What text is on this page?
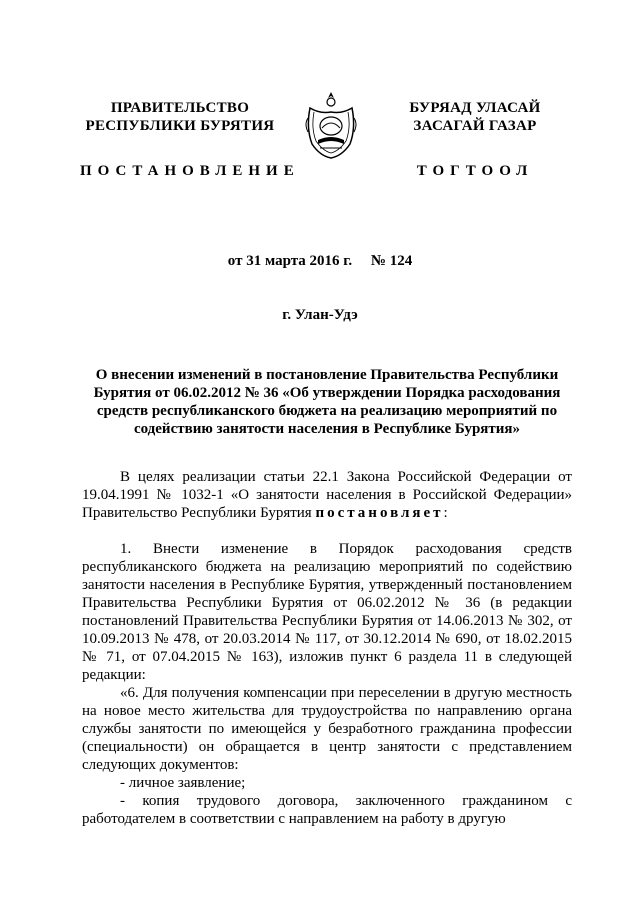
ПРАВИТЕЛЬСТВО
РЕСПУБЛИКИ БУРЯТИЯ
ПОСТАНОВЛЕНИЕ
БУРЯАД УЛАСАЙ
ЗАСАГАЙ ГАЗАР
ТОГТООЛ
от 31 марта 2016 г. № 124
г. Улан-Удэ
О внесении изменений в постановление Правительства Республики Бурятия от 06.02.2012 № 36 «Об утверждении Порядка расходования средств республиканского бюджета на реализацию мероприятий по содействию занятости населения в Республике Бурятия»

В целях реализации статьи 22.1 Закона Российской Федерации от 19.04.1991 № 1032-1 «О занятости населения в Российской Федерации» Правительство Республики Бурятия постановляет:

1. Внести изменение в Порядок расходования средств республиканского бюджета на реализацию мероприятий по содействию занятости населения в Республике Бурятия, утвержденный постановлением Правительства Республики Бурятия от 06.02.2012 № 36 (в редакции постановлений Правительства Республики Бурятия от 14.06.2013 № 302, от 10.09.2013 № 478, от 20.03.2014 № 117, от 30.12.2014 № 690, от 18.02.2015 № 71, от 07.04.2015 № 163), изложив пункт 6 раздела 11 в следующей редакции:

«6. Для получения компенсации при переселении в другую местность на новое место жительства для трудоустройства по направлению органа службы занятости по имеющейся у безработного гражданина профессии (специальности) он обращается в центр занятости с представлением следующих документов:

- личное заявление;

- копия трудового договора, заключенного гражданином с работодателем в соответствии с направлением на работу в другую
